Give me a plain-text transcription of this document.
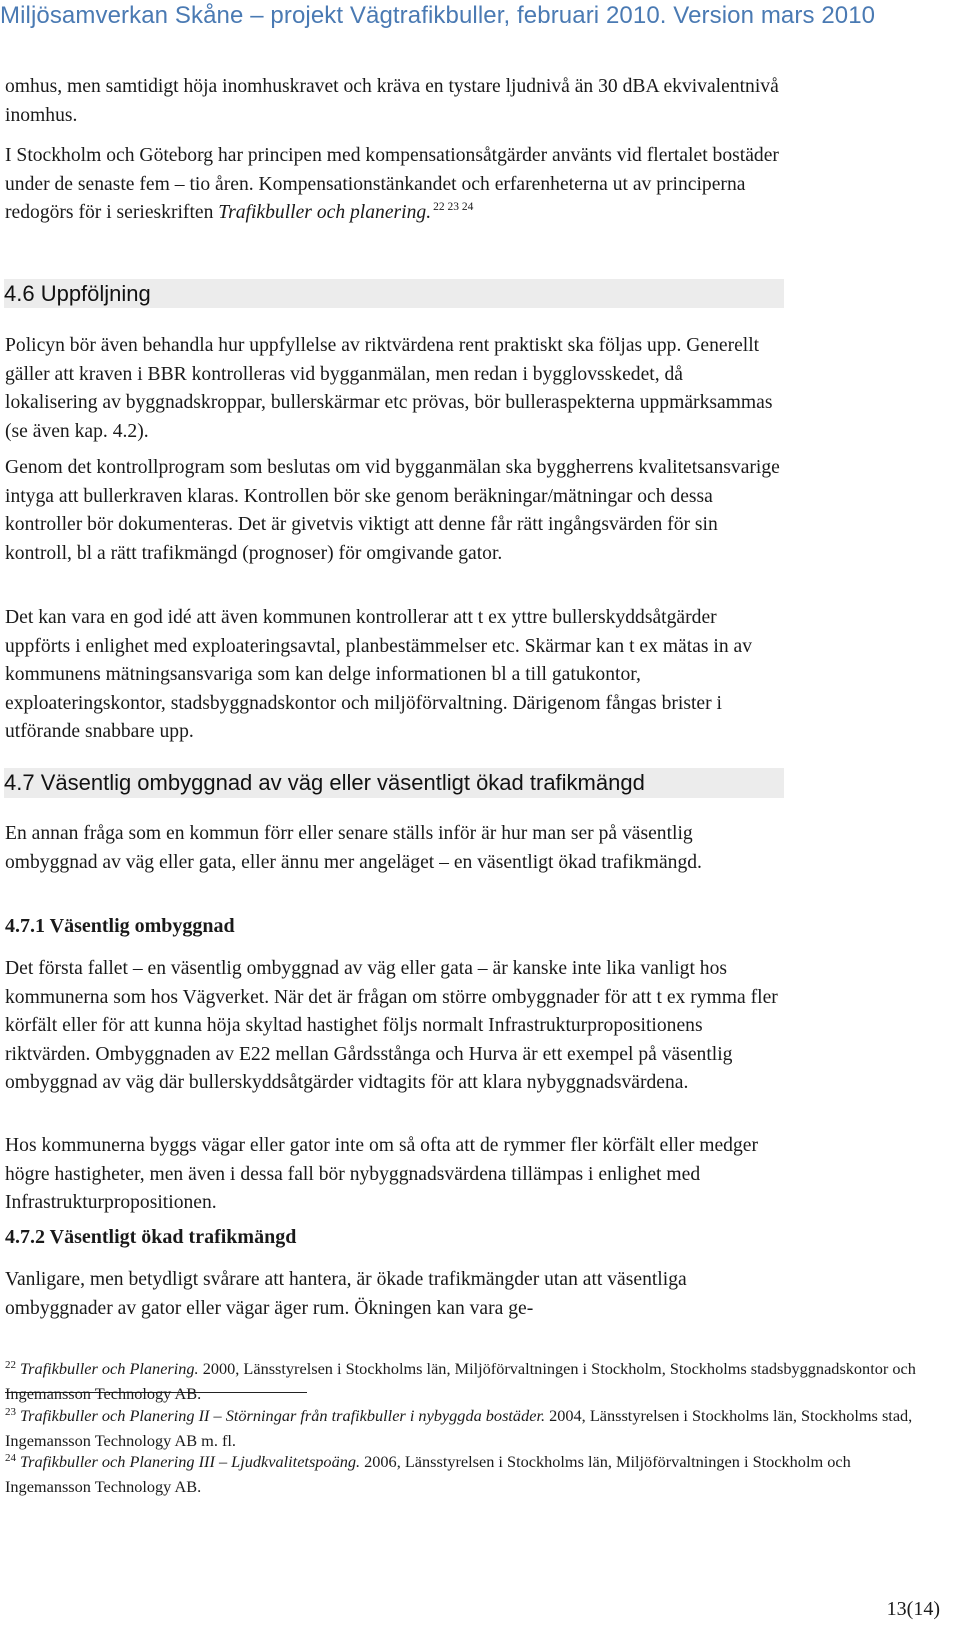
Miljösamverkan Skåne – projekt Vägtrafikbuller, februari 2010. Version mars 2010

omhus, men samtidigt höja inomhuskravet och kräva en tystare ljudnivå än 30 dBA ekvivalentnivå inomhus.

I Stockholm och Göteborg har principen med kompensationsåtgärder använts vid flertalet bostäder under de senaste fem – tio åren. Kompensationstänkandet och erfarenheterna ut av principerna redogörs för i serieskriften Trafikbuller och planering. $^{22 23 24}$

4.6 Uppföljning

Policyn bör även behandla hur uppfyllelse av riktvärdena rent praktiskt ska följas upp. Generellt gäller att kraven i BBR kontrolleras vid bygganmälan, men redan i bygglovsskedet, då lokalisering av byggnadskroppar, bullerskärmar etc prövas, bör bulleraspekterna uppmärksammas (se även kap. 4.2).

Genom det kontrollprogram som beslutas om vid bygganmälan ska byggherrens kvalitetsansvarige intyga att bullerkraven klaras. Kontrollen bör ske genom beräkningar/mätningar och dessa kontroller bör dokumenteras. Det är givetvis viktigt att denne får rätt ingångsvärden för sin kontroll, bl a rätt trafikmängd (prognoser) för omgivande gator.

Det kan vara en god idé att även kommunen kontrollerar att t ex yttre bullerskyddsåtgärder uppförts i enlighet med exploateringsavtal, planbestämmelser etc. Skärmar kan t ex mätas in av kommunens mätningsansvariga som kan delge informationen bl a till gatukontor, exploateringskontor, stadsbyggnadskontor och miljöförvaltning. Därigenom fångas brister i utförande snabbare upp.

4.7 Väsentlig ombyggnad av väg eller väsentligt ökad trafikmängd

En annan fråga som en kommun förr eller senare ställs inför är hur man ser på väsentlig ombyggnad av väg eller gata, eller ännu mer angeläget – en väsentligt ökad trafikmängd.

4.7.1 Väsentlig ombyggnad

Det första fallet – en väsentlig ombyggnad av väg eller gata – är kanske inte lika vanligt hos kommunerna som hos Vägverket. När det är frågan om större ombyggnader för att t ex rymma fler körfält eller för att kunna höja skyltad hastighet följs normalt Infrastrukturpropositionens riktvärden. Ombyggnaden av E22 mellan Gårdsstånga och Hurva är ett exempel på väsentlig ombyggnad av väg där bullerskyddsåtgärder vidtagits för att klara nybyggnadsvärdena.

Hos kommunerna byggs vägar eller gator inte om så ofta att de rymmer fler körfält eller medger högre hastigheter, men även i dessa fall bör nybyggnadsvärdena tillämpas i enlighet med Infrastrukturpropositionen.

4.7.2 Väsentligt ökad trafikmängd

Vanligare, men betydligt svårare att hantera, är ökade trafikmängder utan att väsentliga ombyggnader av gator eller vägar äger rum. Ökningen kan vara ge-

$^{22}$ Trafikbuller och Planering. 2000, Länsstyrelsen i Stockholms län, Miljöförvaltningen i Stockholm, Stockholms stadsbyggnadskontor och Ingemansson Technology AB.

$^{23}$ Trafikbuller och Planering II – Störningar från trafikbuller i nybyggda bostäder. 2004, Länsstyrelsen i Stockholms län, Stockholms stad, Ingemansson Technology AB m. fl.

$^{24}$ Trafikbuller och Planering III – Ljudkvalitetspoäng. 2006, Länsstyrelsen i Stockholms län, Miljöförvaltningen i Stockholm och Ingemansson Technology AB.

13(14)
